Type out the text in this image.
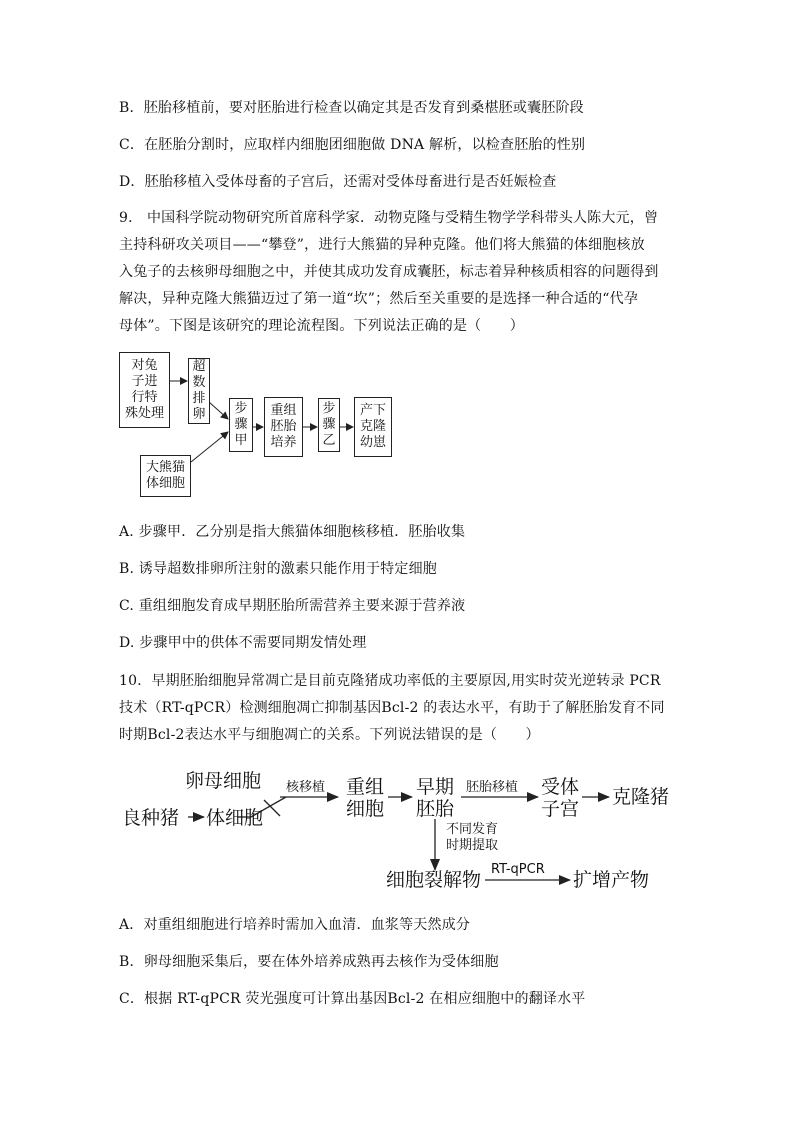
B．胚胎移植前，要对胚胎进行检查以确定其是否发育到桑椹胚或囊胚阶段
C．在胚胎分割时，应取样内细胞团细胞做 DNA 解析，以检查胚胎的性别
D．胚胎移植入受体母畜的子宫后，还需对受体母畜进行是否妊娠检查
9． 中国科学院动物研究所首席科学家．动物克隆与受精生物学学科带头人陈大元，曾
主持科研攻关项目——“攀登”，进行大熊猫的异种克隆。他们将大熊猫的体细胞核放
入兔子的去核卵母细胞之中，并使其成功发育成囊胚，标志着异种核质相容的问题得到
解决，异种克隆大熊猫迈过了第一道“坎”；然后至关重要的是选择一种合适的“代孕
母体”。下图是该研究的理论流程图。下列说法正确的是（　　）
对兔
子进
行特
殊处理
超
数
排
卵
大熊猫
体细胞
步
骤
甲
重组
胚胎
培养
步
骤
乙
产下
克隆
幼崽
A. 步骤甲．乙分别是指大熊猫体细胞核移植．胚胎收集
B. 诱导超数排卵所注射的激素只能作用于特定细胞
C. 重组细胞发育成早期胚胎所需营养主要来源于营养液
D. 步骤甲中的供体不需要同期发情处理
10．早期胚胎细胞异常凋亡是目前克隆猪成功率低的主要原因,用实时荧光逆转录 PCR
技术（RT-qPCR）检测细胞凋亡抑制基因Bcl-2 的表达水平，有助于了解胚胎发育不同
时期Bcl-2表达水平与细胞凋亡的关系。下列说法错误的是（　　）
卵母细胞
良种猪 体细胞
核移植 重组
细胞
早期
胚胎
胚胎移植 受体
子宫
克隆猪
不同发育
时期提取
细胞裂解物 RT-qPCR 扩增产物
A．对重组细胞进行培养时需加入血清．血浆等天然成分
B．卵母细胞采集后，要在体外培养成熟再去核作为受体细胞
C．根据 RT-qPCR 荧光强度可计算出基因Bcl-2 在相应细胞中的翻译水平
